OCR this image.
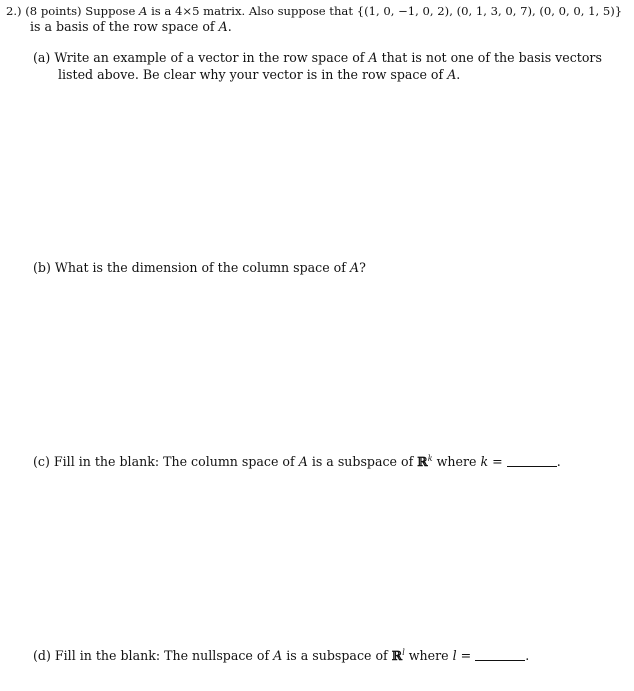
2.) (8 points) Suppose A is a 4×5 matrix. Also suppose that {(1, 0, −1, 0, 2), (0, 1, 3, 0, 7), (0, 0, 0, 1, 5)}
is a basis of the row space of A.
(a) Write an example of a vector in the row space of A that is not one of the basis vectors
listed above. Be clear why your vector is in the row space of A.
(b) What is the dimension of the column space of A?
(c) Fill in the blank: The column space of A is a subspace of ℝ$^k$ where k =	.
(d) Fill in the blank: The nullspace of A is a subspace of ℝ$^l$ where l =	.
